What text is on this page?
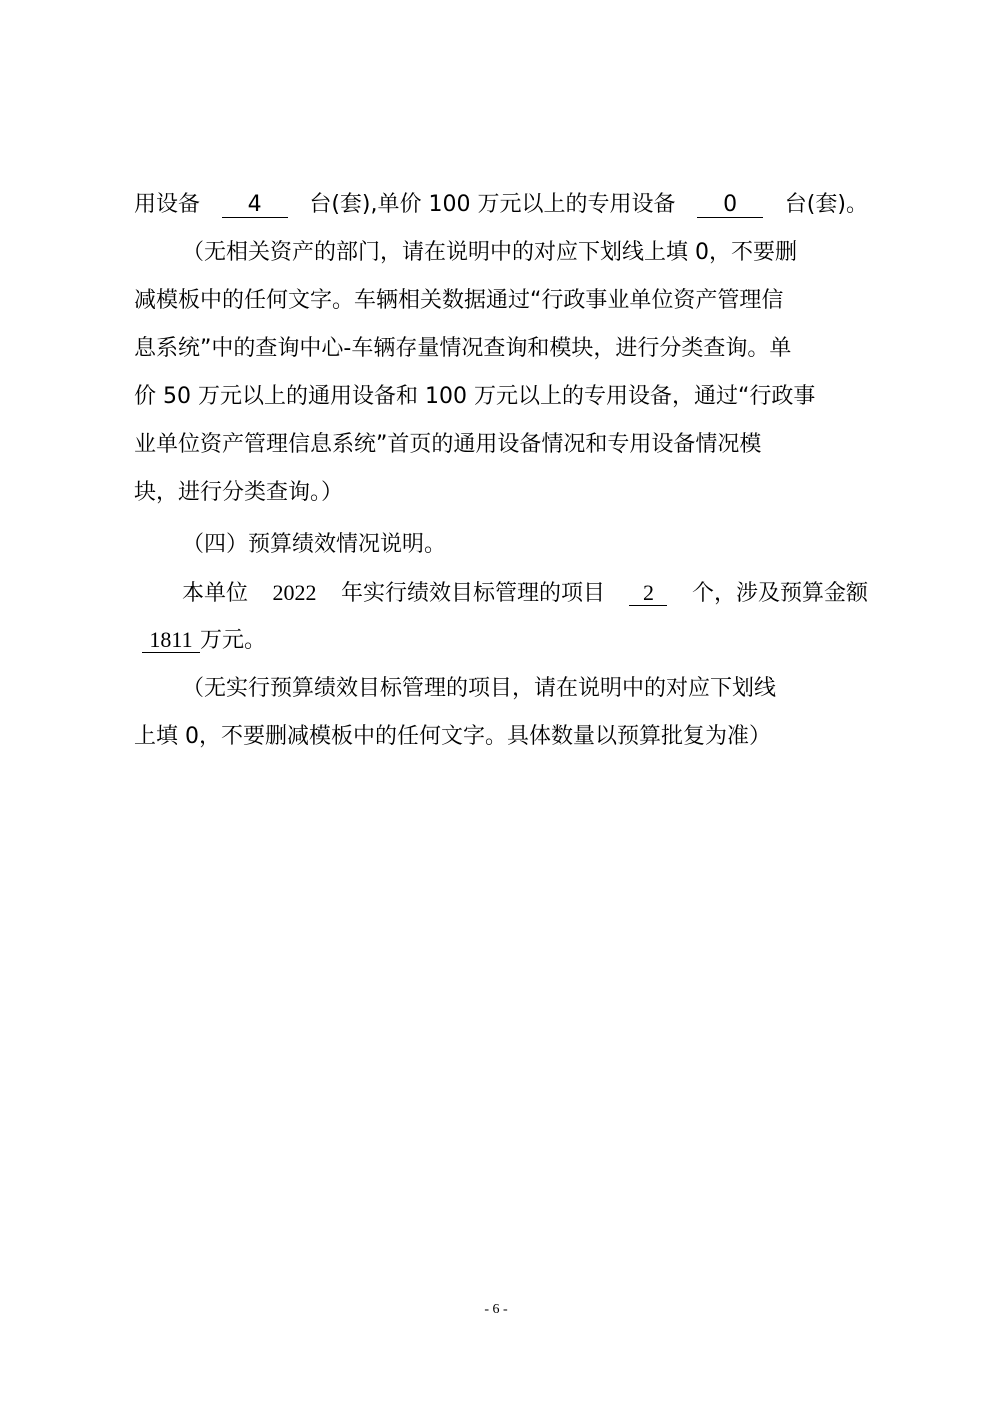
用设备	4	台(套),单价 100 万元以上的专用设备	0	台(套)。
（无相关资产的部门，请在说明中的对应下划线上填 0，不要删
减模板中的任何文字。车辆相关数据通过“行政事业单位资产管理信
息系统”中的查询中心-车辆存量情况查询和模块，进行分类查询。单
价 50 万元以上的通用设备和 100 万元以上的专用设备，通过“行政事
业单位资产管理信息系统”首页的通用设备情况和专用设备情况模
块，进行分类查询。）
（四）预算绩效情况说明。
本单位 2022 年实行绩效目标管理的项目	2	个，涉及预算金额
1811 万元。
（无实行预算绩效目标管理的项目，请在说明中的对应下划线
上填 0，不要删减模板中的任何文字。具体数量以预算批复为准）
- 6 -
